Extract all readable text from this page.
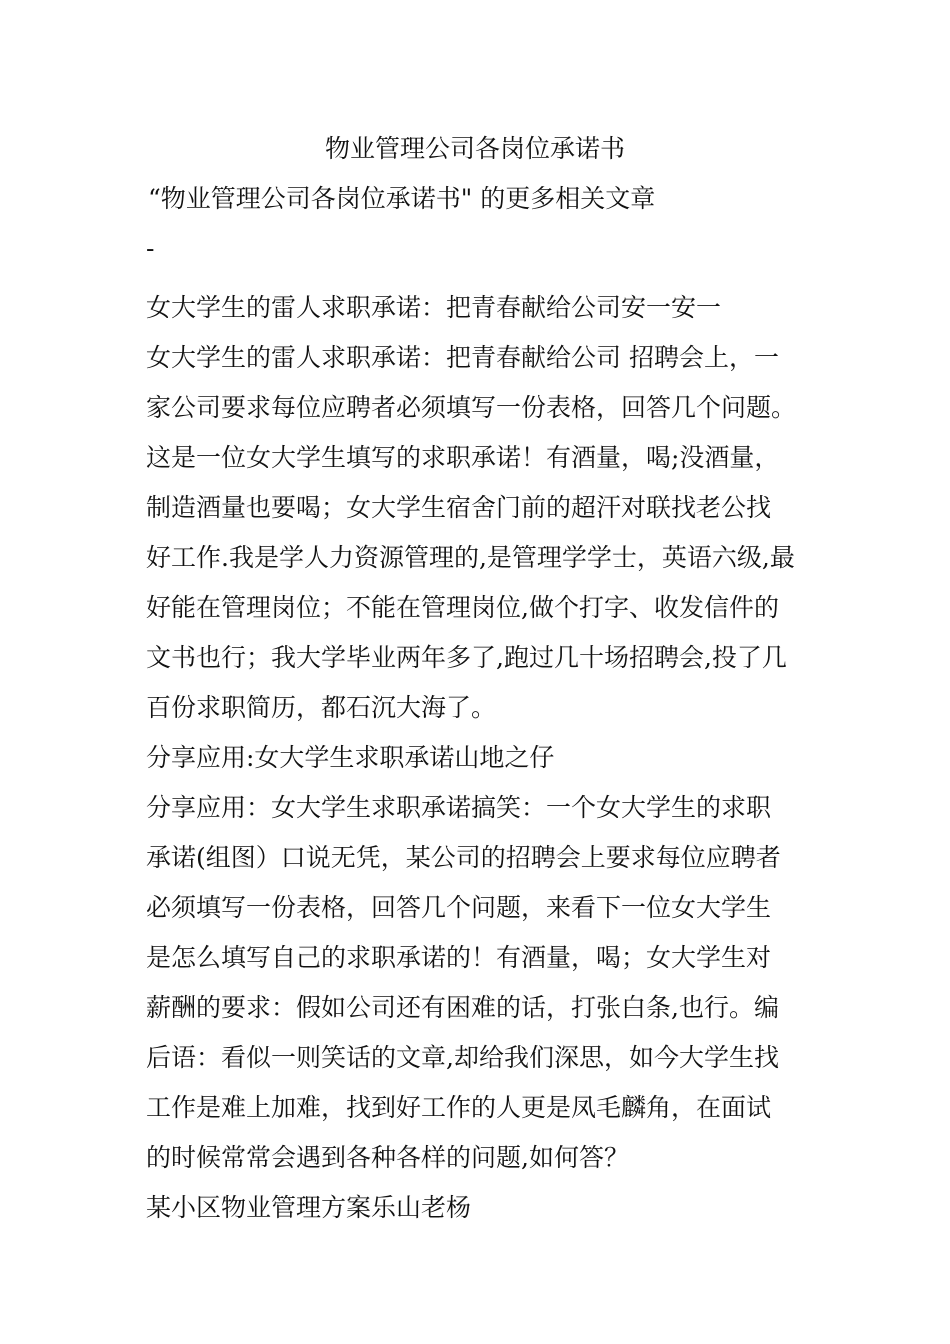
物业管理公司各岗位承诺书

“物业管理公司各岗位承诺书" 的更多相关文章

-

女大学生的雷人求职承诺：把青春献给公司安一安一

女大学生的雷人求职承诺：把青春献给公司 招聘会上，一

家公司要求每位应聘者必须填写一份表格，回答几个问题。

这是一位女大学生填写的求职承诺！有酒量，喝;没酒量，

制造酒量也要喝；女大学生宿舍门前的超汗对联找老公找

好工作.我是学人力资源管理的,是管理学学士，英语六级,最

好能在管理岗位；不能在管理岗位,做个打字、收发信件的

文书也行；我大学毕业两年多了,跑过几十场招聘会,投了几

百份求职简历，都石沉大海了。

分享应用:女大学生求职承诺山地之仔

分享应用：女大学生求职承诺搞笑：一个女大学生的求职

承诺(组图）口说无凭，某公司的招聘会上要求每位应聘者

必须填写一份表格，回答几个问题，来看下一位女大学生

是怎么填写自己的求职承诺的！有酒量，喝；女大学生对

薪酬的要求：假如公司还有困难的话，打张白条,也行。编

后语：看似一则笑话的文章,却给我们深思，如今大学生找

工作是难上加难，找到好工作的人更是凤毛麟角，在面试

的时候常常会遇到各种各样的问题,如何答？

某小区物业管理方案乐山老杨
